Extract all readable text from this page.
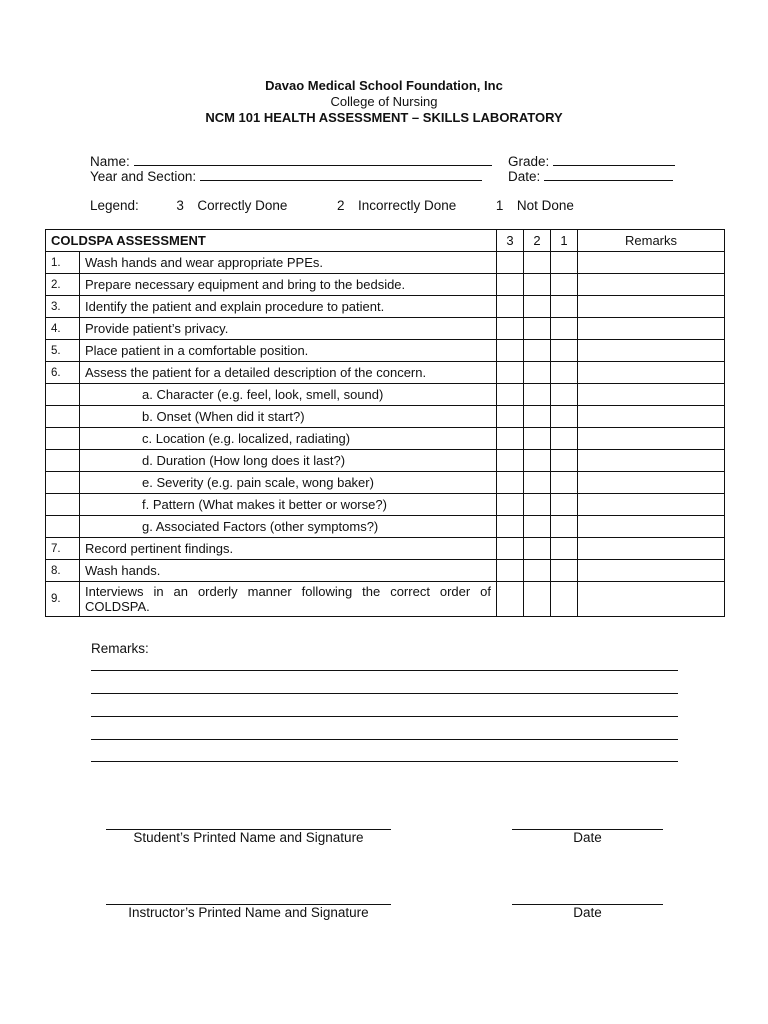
Davao Medical School Foundation, Inc
College of Nursing
NCM 101 HEALTH ASSESSMENT – SKILLS LABORATORY
Name:	Grade:
Year and Section:	Date:
Legend:	3 Correctly Done	2 Incorrectly Done	1 Not Done
COLDSPA ASSESSMENT		3	2	1	Remarks
1.	Wash hands and wear appropriate PPEs.				
2.	Prepare necessary equipment and bring to the bedside.				
3.	Identify the patient and explain procedure to patient.				
4.	Provide patient’s privacy.				
5.	Place patient in a comfortable position.				
6.	Assess the patient for a detailed description of the concern.				
	a. Character (e.g. feel, look, smell, sound)				
	b. Onset (When did it start?)				
	c. Location (e.g. localized, radiating)				
	d. Duration (How long does it last?)				
	e. Severity (e.g. pain scale, wong baker)				
	f. Pattern (What makes it better or worse?)				
	g. Associated Factors (other symptoms?)				
7.	Record pertinent findings.				
8.	Wash hands.				
9.	Interviews in an orderly manner following the correct order of COLDSPA.				
Remarks:
Student’s Printed Name and Signature	Date
Instructor’s Printed Name and Signature	Date
